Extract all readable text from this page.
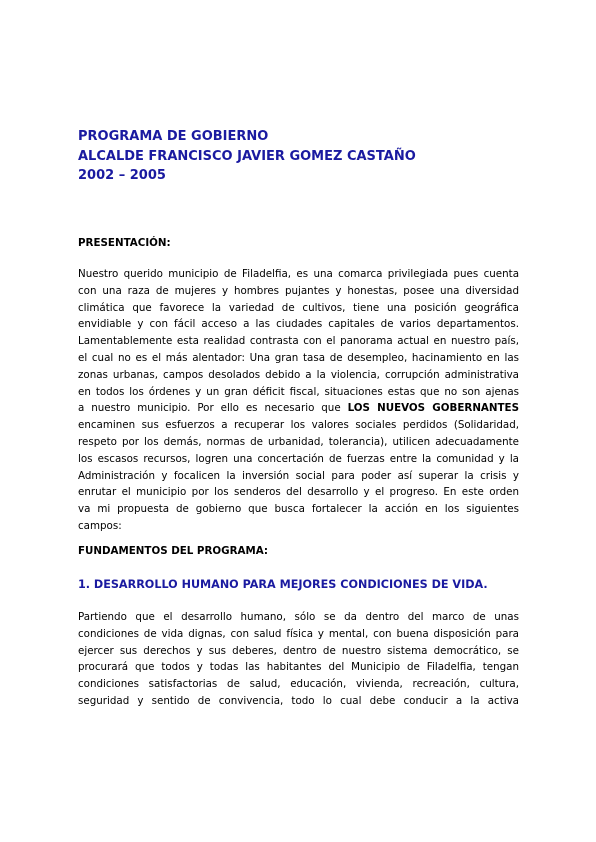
PROGRAMA DE GOBIERNO
ALCALDE FRANCISCO JAVIER GOMEZ CASTAÑO
2002 – 2005
PRESENTACIÓN:
Nuestro querido municipio de Filadelfia, es una comarca privilegiada pues cuenta
con una raza de mujeres y hombres pujantes y honestas, posee una diversidad
climática que favorece la variedad de cultivos, tiene una posición geográfica
envidiable y con fácil acceso a las ciudades capitales de varios departamentos.
Lamentablemente esta realidad contrasta con el panorama actual en nuestro país,
el cual no es el más alentador: Una gran tasa de desempleo, hacinamiento en las
zonas urbanas, campos desolados debido a la violencia, corrupción administrativa
en todos los órdenes y un gran déficit fiscal, situaciones estas que no son ajenas
a nuestro municipio. Por ello es necesario que LOS NUEVOS GOBERNANTES
encaminen sus esfuerzos a recuperar los valores sociales perdidos (Solidaridad,
respeto por los demás, normas de urbanidad, tolerancia), utilicen adecuadamente
los escasos recursos, logren una concertación de fuerzas entre la comunidad y la
Administración y focalicen la inversión social para poder así superar la crisis y
enrutar el municipio por los senderos del desarrollo y el progreso. En este orden
va mi propuesta de gobierno que busca fortalecer la acción en los siguientes
campos:
FUNDAMENTOS DEL PROGRAMA:
1. DESARROLLO HUMANO PARA MEJORES CONDICIONES DE VIDA.
Partiendo que el desarrollo humano, sólo se da dentro del marco de unas
condiciones de vida dignas, con salud física y mental, con buena disposición para
ejercer sus derechos y sus deberes, dentro de nuestro sistema democrático, se
procurará que todos y todas las habitantes del Municipio de Filadelfia, tengan
condiciones satisfactorias de salud, educación, vivienda, recreación, cultura,
seguridad y sentido de convivencia, todo lo cual debe conducir a la activa
